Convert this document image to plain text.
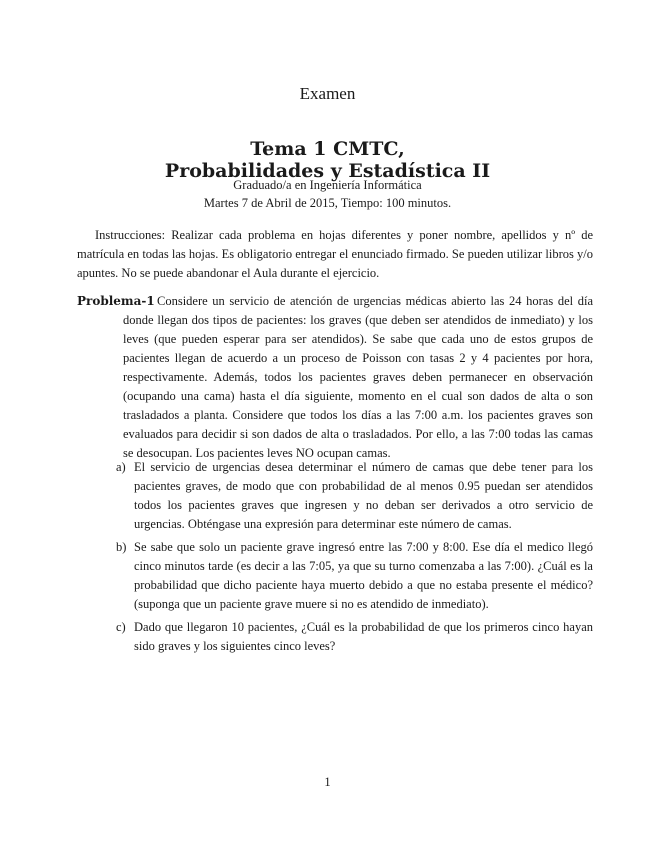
Examen
Tema 1 CMTC,
Probabilidades y Estadística II
Graduado/a en Ingeniería Informática
Martes 7 de Abril de 2015, Tiempo: 100 minutos.
Instrucciones: Realizar cada problema en hojas diferentes y poner nombre, apellidos y nº de matrícula en todas las hojas. Es obligatorio entregar el enunciado firmado. Se pueden utilizar libros y/o apuntes. No se puede abandonar el Aula durante el ejercicio.
Problema-1 Considere un servicio de atención de urgencias médicas abierto las 24 horas del día donde llegan dos tipos de pacientes: los graves (que deben ser atendidos de inmediato) y los leves (que pueden esperar para ser atendidos). Se sabe que cada uno de estos grupos de pacientes llegan de acuerdo a un proceso de Poisson con tasas 2 y 4 pacientes por hora, respectivamente. Además, todos los pacientes graves deben permanecer en observación (ocupando una cama) hasta el día siguiente, momento en el cual son dados de alta o son trasladados a planta. Considere que todos los días a las 7:00 a.m. los pacientes graves son evaluados para decidir si son dados de alta o trasladados. Por ello, a las 7:00 todas las camas se desocupan. Los pacientes leves NO ocupan camas.
a) El servicio de urgencias desea determinar el número de camas que debe tener para los pacientes graves, de modo que con probabilidad de al menos 0.95 puedan ser atendidos todos los pacientes graves que ingresen y no deban ser derivados a otro servicio de urgencias. Obténgase una expresión para determinar este número de camas.
b) Se sabe que solo un paciente grave ingresó entre las 7:00 y 8:00. Ese día el medico llegó cinco minutos tarde (es decir a las 7:05, ya que su turno comenzaba a las 7:00). ¿Cuál es la probabilidad que dicho paciente haya muerto debido a que no estaba presente el médico? (suponga que un paciente grave muere si no es atendido de inmediato).
c) Dado que llegaron 10 pacientes, ¿Cuál es la probabilidad de que los primeros cinco hayan sido graves y los siguientes cinco leves?
1
